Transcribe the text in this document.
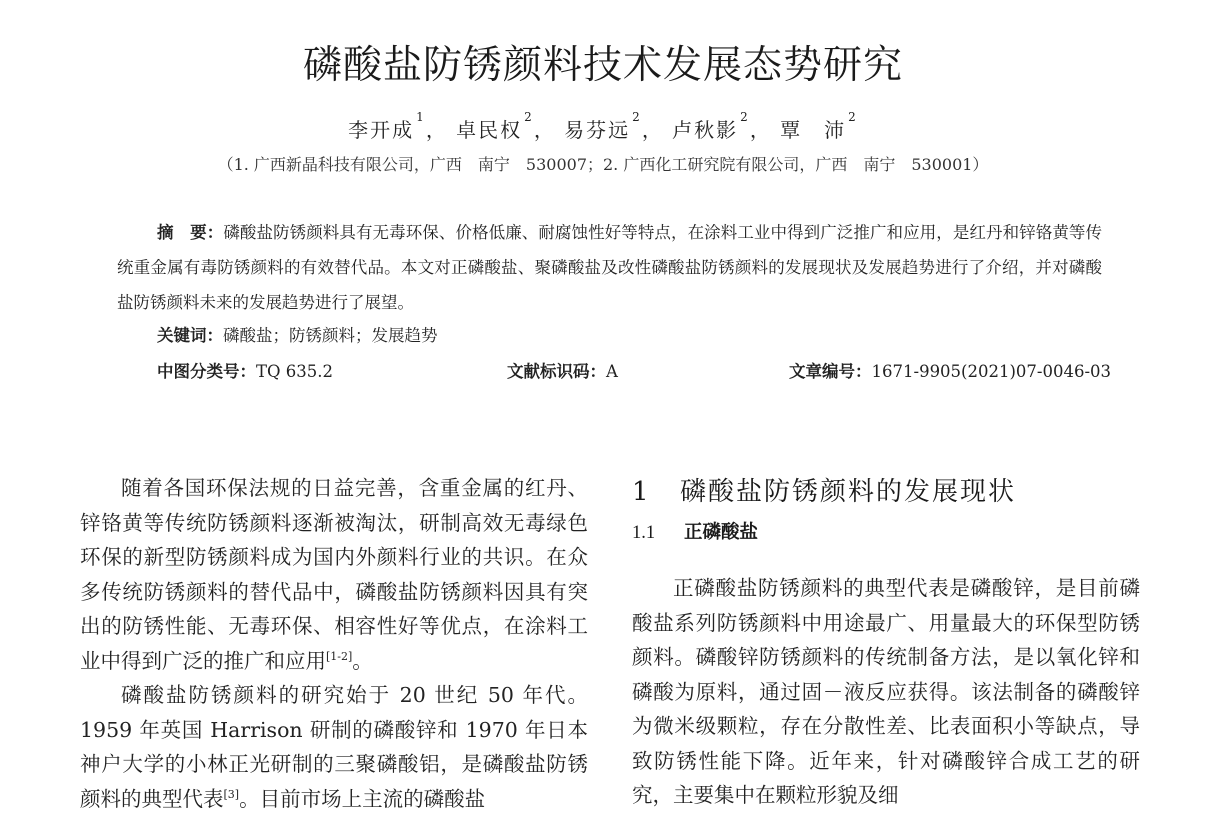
磷酸盐防锈颜料技术发展态势研究
李开成$^1$， 卓民权$^2$， 易芬远$^2$， 卢秋影$^2$， 覃　沛$^2$
（1. 广西新晶科技有限公司，广西　南宁　530007；2. 广西化工研究院有限公司，广西　南宁　530001）
摘　要：磷酸盐防锈颜料具有无毒环保、价格低廉、耐腐蚀性好等特点，在涂料工业中得到广泛推广和应用，是红丹和锌铬黄等传统重金属有毒防锈颜料的有效替代品。本文对正磷酸盐、聚磷酸盐及改性磷酸盐防锈颜料的发展现状及发展趋势进行了介绍，并对磷酸盐防锈颜料未来的发展趋势进行了展望。
关键词：磷酸盐；防锈颜料；发展趋势
中图分类号：TQ 635.2	文献标识码：A	文章编号：1671-9905(2021)07-0046-03

随着各国环保法规的日益完善，含重金属的红丹、锌铬黄等传统防锈颜料逐渐被淘汰，研制高效无毒绿色环保的新型防锈颜料成为国内外颜料行业的共识。在众多传统防锈颜料的替代品中，磷酸盐防锈颜料因具有突出的防锈性能、无毒环保、相容性好等优点，在涂料工业中得到广泛的推广和应用[1-2]。

磷酸盐防锈颜料的研究始于 20 世纪 50 年代。1959 年英国 Harrison 研制的磷酸锌和 1970 年日本神户大学的小林正光研制的三聚磷酸铝，是磷酸盐防锈颜料的典型代表[3]。目前市场上主流的磷酸盐

1 磷酸盐防锈颜料的发展现状
1.1 正磷酸盐

正磷酸盐防锈颜料的典型代表是磷酸锌，是目前磷酸盐系列防锈颜料中用途最广、用量最大的环保型防锈颜料。磷酸锌防锈颜料的传统制备方法，是以氧化锌和磷酸为原料，通过固－液反应获得。该法制备的磷酸锌为微米级颗粒，存在分散性差、比表面积小等缺点，导致防锈性能下降。近年来，针对磷酸锌合成工艺的研究，主要集中在颗粒形貌及细
